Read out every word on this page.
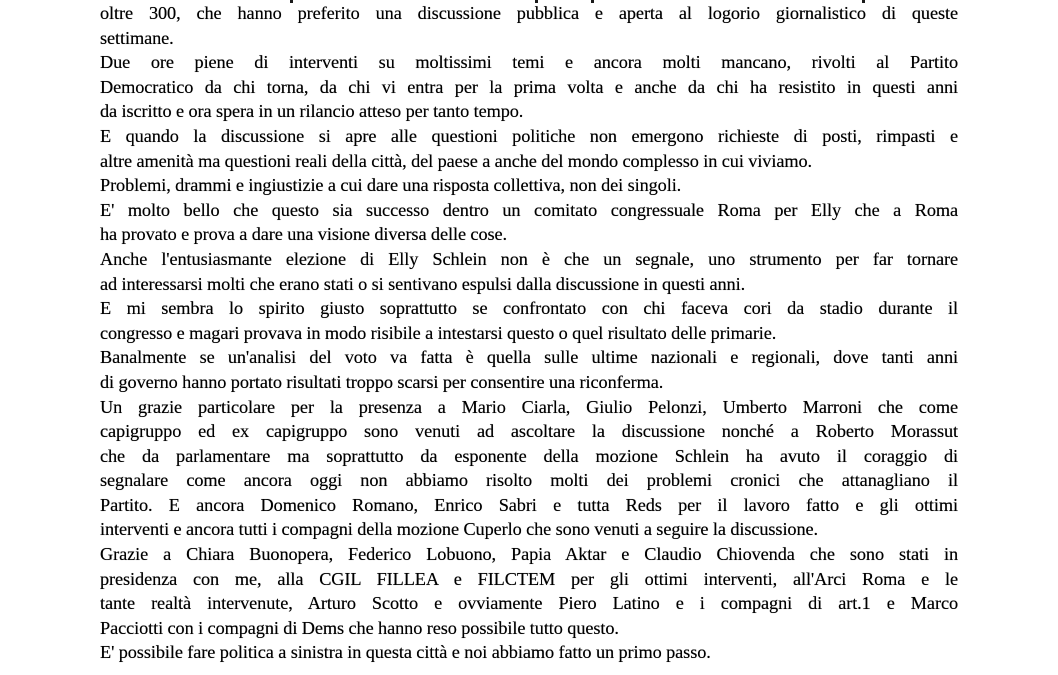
oltre 300, che hanno preferito una discussione pubblica e aperta al logorio giornalistico di queste
settimane.
Due ore piene di interventi su moltissimi temi e ancora molti mancano, rivolti al Partito
Democratico da chi torna, da chi vi entra per la prima volta e anche da chi ha resistito in questi anni
da iscritto e ora spera in un rilancio atteso per tanto tempo.
E quando la discussione si apre alle questioni politiche non emergono richieste di posti, rimpasti e
altre amenità ma questioni reali della città, del paese a anche del mondo complesso in cui viviamo.
Problemi, drammi e ingiustizie a cui dare una risposta collettiva, non dei singoli.
E' molto bello che questo sia successo dentro un comitato congressuale Roma per Elly che a Roma
ha provato e prova a dare una visione diversa delle cose.
Anche l'entusiasmante elezione di Elly Schlein non è che un segnale, uno strumento per far tornare
ad interessarsi molti che erano stati o si sentivano espulsi dalla discussione in questi anni.
E mi sembra lo spirito giusto soprattutto se confrontato con chi faceva cori da stadio durante il
congresso e magari provava in modo risibile a intestarsi questo o quel risultato delle primarie.
Banalmente se un'analisi del voto va fatta è quella sulle ultime nazionali e regionali, dove tanti anni
di governo hanno portato risultati troppo scarsi per consentire una riconferma.
Un grazie particolare per la presenza a Mario Ciarla, Giulio Pelonzi, Umberto Marroni che come
capigruppo ed ex capigruppo sono venuti ad ascoltare la discussione nonché a Roberto Morassut
che da parlamentare ma soprattutto da esponente della mozione Schlein ha avuto il coraggio di
segnalare come ancora oggi non abbiamo risolto molti dei problemi cronici che attanagliano il
Partito. E ancora Domenico Romano, Enrico Sabri e tutta Reds per il lavoro fatto e gli ottimi
interventi e ancora tutti i compagni della mozione Cuperlo che sono venuti a seguire la discussione.
Grazie a Chiara Buonopera, Federico Lobuono, Papia Aktar e Claudio Chiovenda che sono stati in
presidenza con me, alla CGIL FILLEA e FILCTEM per gli ottimi interventi, all'Arci Roma e le
tante realtà intervenute, Arturo Scotto e ovviamente Piero Latino e i compagni di art.1 e Marco
Pacciotti con i compagni di Dems che hanno reso possibile tutto questo.
E' possibile fare politica a sinistra in questa città e noi abbiamo fatto un primo passo.
